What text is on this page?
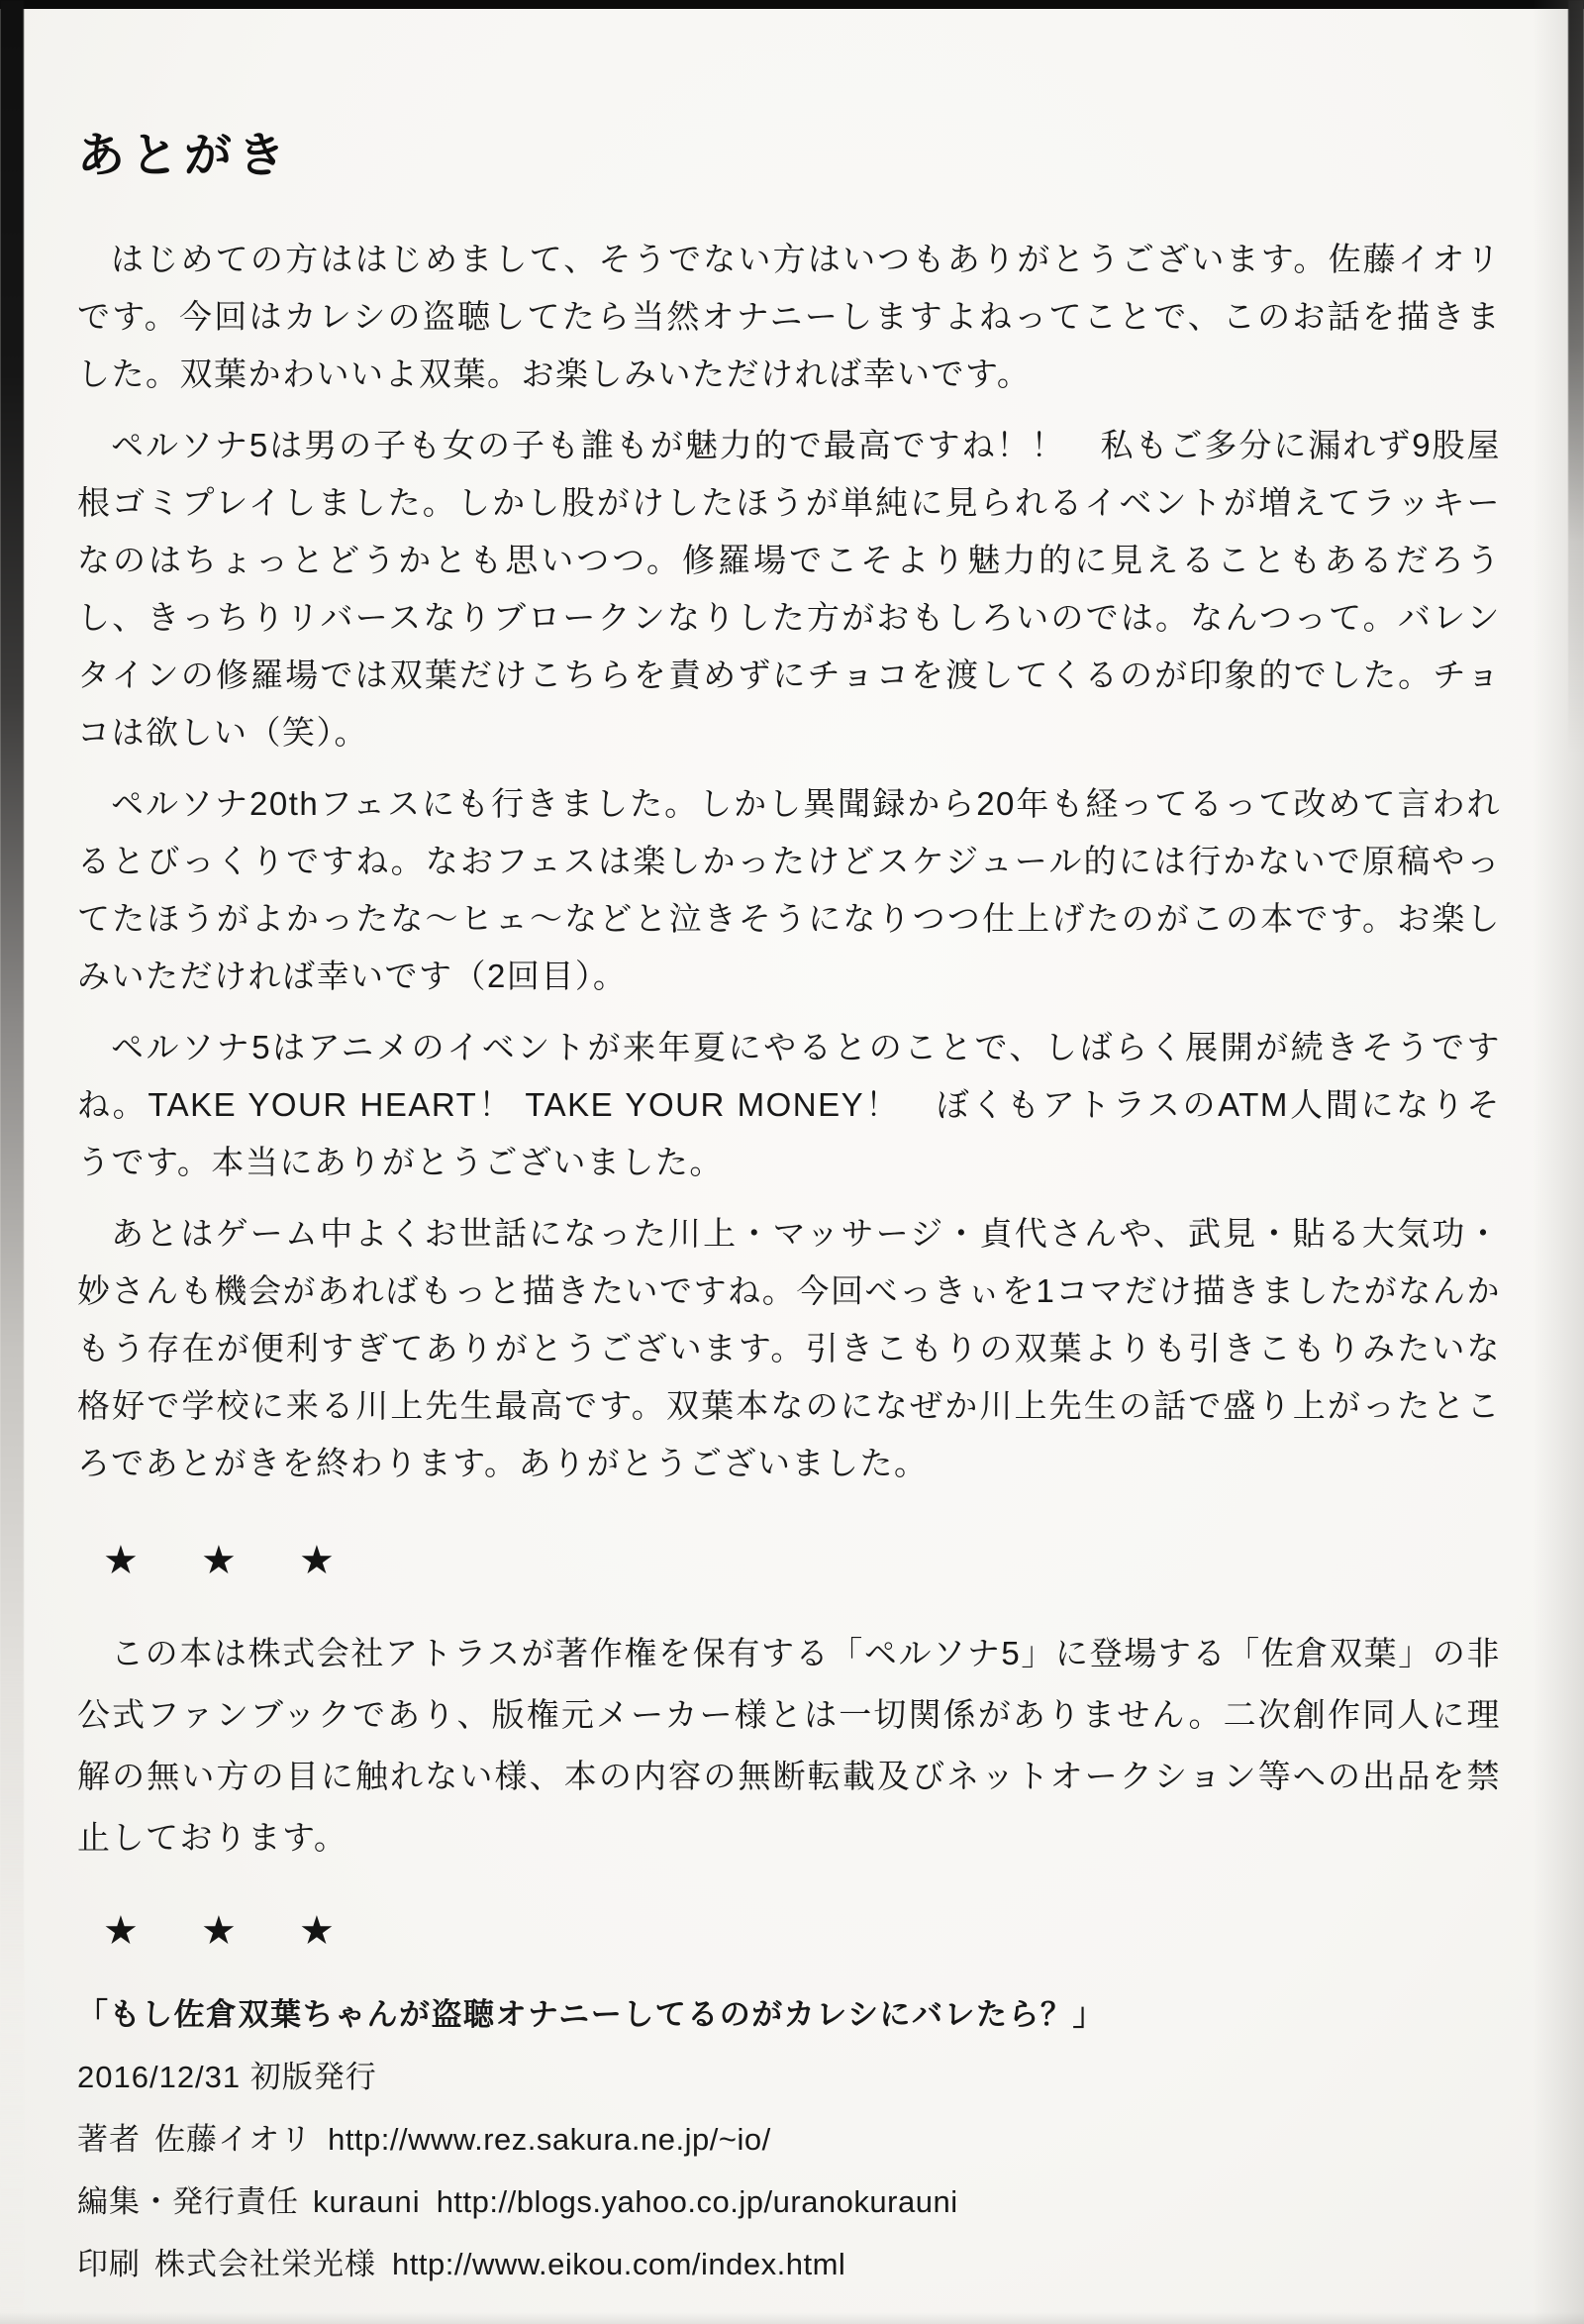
あとがき

はじめての方ははじめまして、そうでない方はいつもありがとうございます。佐藤イオリです。今回はカレシの盗聴してたら当然オナニーしますよねってことで、このお話を描きました。双葉かわいいよ双葉。お楽しみいただければ幸いです。

ペルソナ5は男の子も女の子も誰もが魅力的で最高ですね！！　私もご多分に漏れず9股屋根ゴミプレイしました。しかし股がけしたほうが単純に見られるイベントが増えてラッキーなのはちょっとどうかとも思いつつ。修羅場でこそより魅力的に見えることもあるだろうし、きっちりリバースなりブロークンなりした方がおもしろいのでは。なんつって。バレンタインの修羅場では双葉だけこちらを責めずにチョコを渡してくるのが印象的でした。チョコは欲しい（笑）。

ペルソナ20thフェスにも行きました。しかし異聞録から20年も経ってるって改めて言われるとびっくりですね。なおフェスは楽しかったけどスケジュール的には行かないで原稿やってたほうがよかったな〜ヒェ〜などと泣きそうになりつつ仕上げたのがこの本です。お楽しみいただければ幸いです（2回目）。

ペルソナ5はアニメのイベントが来年夏にやるとのことで、しばらく展開が続きそうですね。TAKE YOUR HEART！ TAKE YOUR MONEY！　ぼくもアトラスのATM人間になりそうです。本当にありがとうございました。

あとはゲーム中よくお世話になった川上・マッサージ・貞代さんや、武見・貼る大気功・妙さんも機会があればもっと描きたいですね。今回べっきぃを1コマだけ描きましたがなんかもう存在が便利すぎてありがとうございます。引きこもりの双葉よりも引きこもりみたいな格好で学校に来る川上先生最高です。双葉本なのになぜか川上先生の話で盛り上がったところであとがきを終わります。ありがとうございました。

★ ★ ★

この本は株式会社アトラスが著作権を保有する「ペルソナ5」に登場する「佐倉双葉」の非公式ファンブックであり、版権元メーカー様とは一切関係がありません。二次創作同人に理解の無い方の目に触れない様、本の内容の無断転載及びネットオークション等への出品を禁止しております。

★ ★ ★
「もし佐倉双葉ちゃんが盗聴オナニーしてるのがカレシにバレたら？」
2016/12/31 初版発行
著者 佐藤イオリ http://www.rez.sakura.ne.jp/~io/
編集・発行責任 kurauni http://blogs.yahoo.co.jp/uranokurauni
印刷 株式会社栄光様 http://www.eikou.com/index.html
